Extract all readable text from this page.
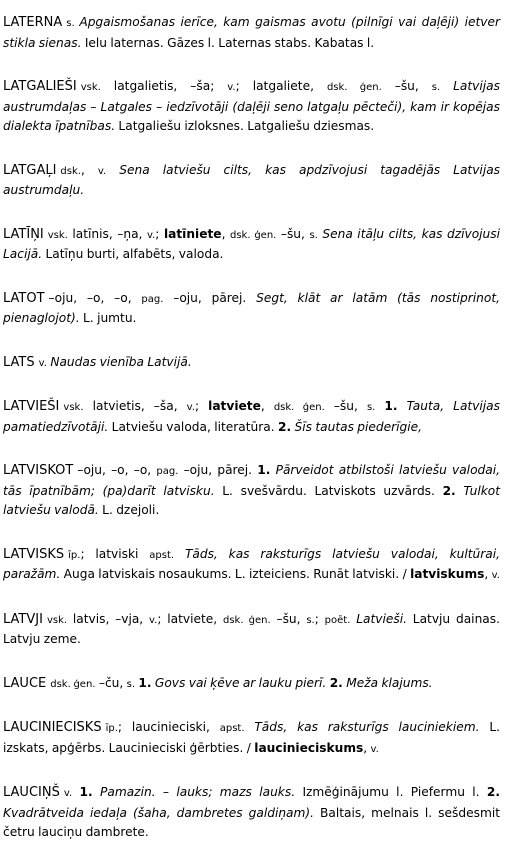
LATERNA s. Apgaismošanas ierīce, kam gaismas avotu (pilnīgi vai daļēji) ietver stikla sienas. Ielu laternas. Gāzes l. Laternas stabs. Kabatas l.

LATGALIEŠI vsk. latgalietis, –ša; v.; latgaliete, dsk. ģen. –šu, s. Latvijas austrumdaļas – Latgales – iedzīvotāji (daļēji seno latgaļu pēcteči), kam ir kopējas dialekta īpatnības. Latgaliešu izloksnes. Latgaliešu dziesmas.

LATGAĻI dsk., v. Sena latviešu cilts, kas apdzīvojusi tagadējās Latvijas austrumdaļu.

LATĪŅI vsk. latīnis, –ņa, v.; latīniete, dsk. ģen. –šu, s. Sena itāļu cilts, kas dzīvojusi Lacijā. Latīņu burti, alfabēts, valoda.

LATOT –oju, –o, –o, pag. –oju, pārej. Segt, klāt ar latām (tās nostiprinot, pienaglojot). L. jumtu.

LATS v. Naudas vienība Latvijā.

LATVIEŠI vsk. latvietis, –ša, v.; latviete, dsk. ģen. –šu, s. 1. Tauta, Latvijas pamatiedzīvotāji. Latviešu valoda, literatūra. 2. Šīs tautas piederīgie,

LATVISKOT –oju, –o, –o, pag. –oju, pārej. 1. Pārveidot atbilstoši latviešu valodai, tās īpatnībām; (pa)darīt latvisku. L. svešvārdu. Latviskots uzvārds. 2. Tulkot latviešu valodā. L. dzejoli.

LATVISKS īp.; latviski apst. Tāds, kas raksturīgs latviešu valodai, kultūrai, paražām. Auga latviskais nosaukums. L. izteiciens. Runāt latviski. / latviskums, v.

LATVJI vsk. latvis, –vja, v.; latviete, dsk. ģen. –šu, s.; poēt. Latvieši. Latvju dainas. Latvju zeme.

LAUCE dsk. ģen. –ču, s. 1. Govs vai ķēve ar lauku pierī. 2. Meža klajums.

LAUCINIECISKS īp.; laucinieciski, apst. Tāds, kas raksturīgs lauciniekiem. L. izskats, apģērbs. Laucinieciski ģērbties. / laucinieciskums, v.

LAUCIŅŠ v. 1. Pamazin. – lauks; mazs lauks. Izmēģinājumu l. Piefermu l. 2. Kvadrātveida iedaļa (šaha, dambretes galdiņam). Baltais, melnais l. sešdesmit četru lauciņu dambrete.
